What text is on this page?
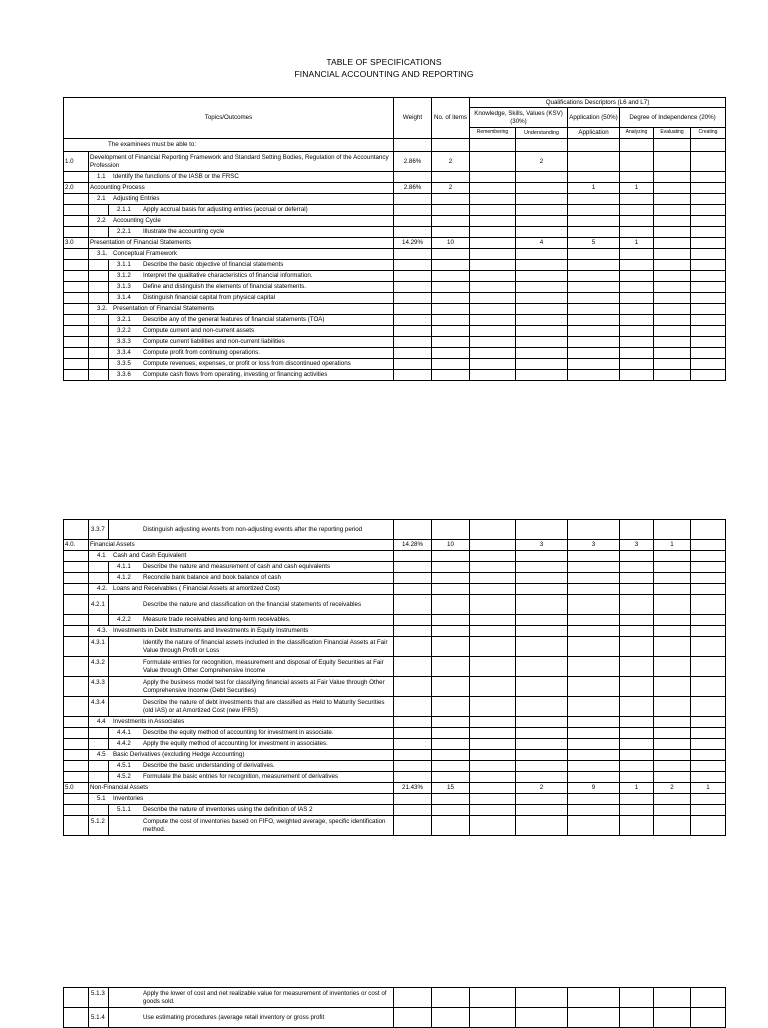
TABLE OF SPECIFICATIONS
FINANCIAL ACCOUNTING AND REPORTING
Topics/Outcomes			Weight	No. of items	Qualifications Descriptors (L6 and L7)					
					Knowledge, Skills, Values (KSV) (30%)		Application (50%)	Degree of Independence (20%)		
					Remembering	Understanding	Application	Analyzing	Evaluating	Creating
The examinees must be able to:										
1.0	Development of Financial Reporting Framework and Standard Setting Bodies, Regulation of the Accountancy Profession		2.86%	2		2				
	1.1 Identify the functions of the IASB or the FRSC									
2.0	Accounting Process		2.86%	2			1	1		
	2.1 Adjusting Entries									
		2.1.1 Apply accrual basis for adjusting entries (accrual or deferral)								
	2.2 Accounting Cycle									
		2.2.1 Illustrate the accounting cycle								
3.0	Presentation of Financial Statements		14.29%	10		4	5	1		
	3.1. Conceptual Framework									
		3.1.1 Describe the basic objective of financial statements								
		3.1.2 Interpret the qualitative characteristics of financial information.								
		3.1.3 Define and distinguish the elements of financial statements.								
		3.1.4 Distinguish financial capital from physical capital								
	3.2. Presentation of Financial Statements									
		3.2.1 Describe any of the general features of financial statements (TOA)								
		3.2.2 Compute current and non-current assets								
		3.3.3 Compute current liabilities and non-current liabilities								
		3.3.4 Compute profit from continuing operations.								
		3.3.5 Compute revenues, expenses, or profit or loss from discontinued operations								
		3.3.6 Compute cash flows from operating, investing or financing activities								

		3.3.7 Distinguish adjusting events from non-adjusting events after the reporting period								

4.0.	Financial Assets		14.28%	10		3	3	3	1	
	4.1 Cash and Cash Equivalent									
		4.1.1 Describe the nature and measurement of cash and cash equivalents								
		4.1.2 Reconcile bank balance and book balance of cash								
	4.2. Loans and Receivables ( Financial Assets at amortized Cost)									

		4.2.1 Describe the nature and classification on the financial statements of receivables								

		4.2.2 Measure trade receivables and long-term receivables.								
	4.3. Investments in Debt Instruments and Investments in Equity Instruments									

		4.3.1 Identify the nature of financial assets included in the classification Financial Assets at Fair Value through Profit or Loss								

		4.3.2 Formulate entries for recognition, measurement and disposal of Equity Securities at Fair Value through Other Comprehensive Income								

		4.3.3 Apply the business model test for classifying financial assets at Fair Value through Other Comprehensive Income (Debt Securities)								

		4.3.4 Describe the nature of debt investments that are classified as Held to Maturity Securities (old IAS) or at Amortized Cost (new IFRS)								

	4.4 Investments in Associates									
		4.4.1 Describe the equity method of accounting for investment in associate.								
		4.4.2 Apply the equity method of accounting for investment in associates.								
	4.5 Basic Derivatives (excluding Hedge Accounting)									
		4.5.1 Describe the basic understanding of derivatives.								
		4.5.2 Formulate the basic entries for recognition, measurement of derivatives								
5.0	Non-Financial Assets		21.43%	15		2	9	1	2	1
	5.1 Inventories									
		5.1.1 Describe the nature of inventories using the definition of IAS 2								

		5.1.2 Compute the cost of inventories based on FIFO, weighted average, specific identification method.								

		5.1.3 Apply the lower of cost and net realizable value for measurement of inventories or cost of goods sold.								

		5.1.4 Use estimating procedures (average retail inventory or gross profit								
